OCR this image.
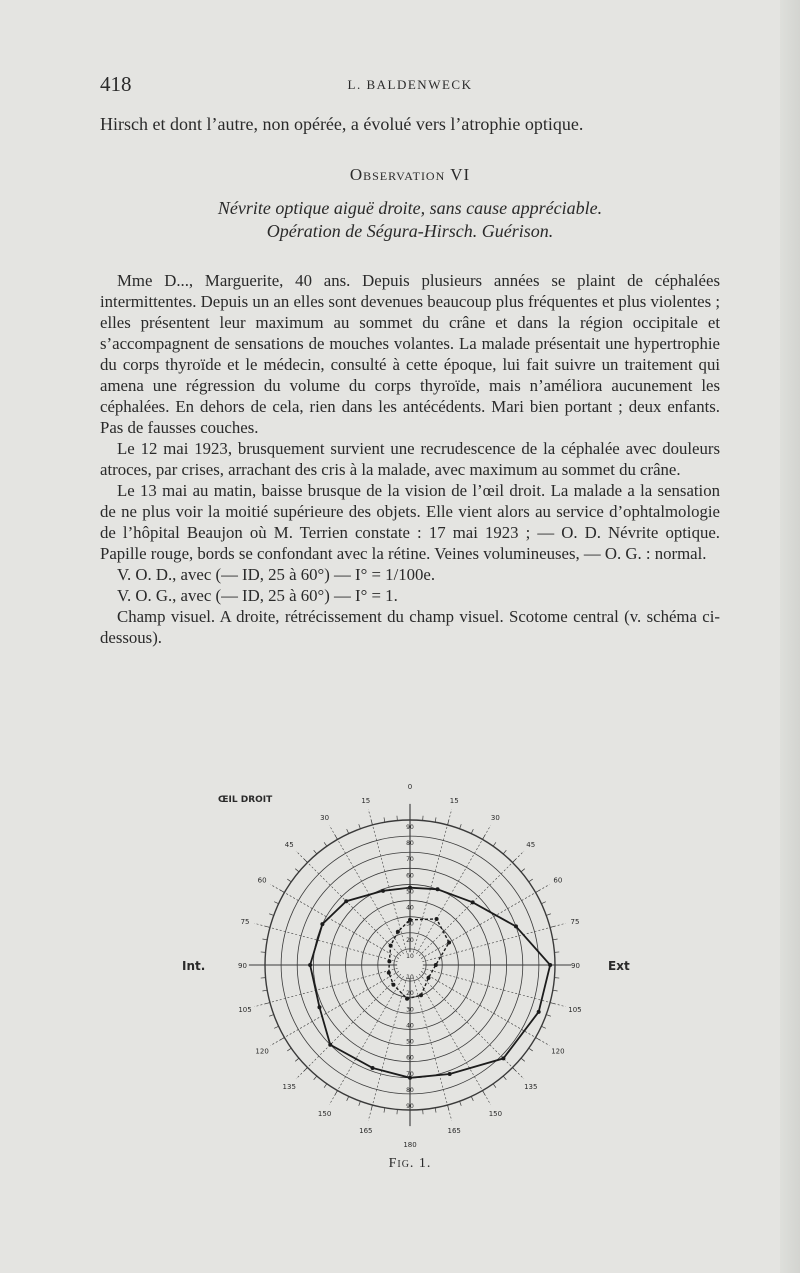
418	L. BALDENWECK

Hirsch et dont l’autre, non opérée, a évolué vers l’atrophie optique.

Observation VI

Névrite optique aiguë droite, sans cause appréciable.

Opération de Ségura-Hirsch. Guérison.

Mme D..., Marguerite, 40 ans. Depuis plusieurs années se plaint de céphalées intermittentes. Depuis un an elles sont devenues beaucoup plus fréquentes et plus violentes ; elles présentent leur maximum au sommet du crâne et dans la région occipitale et s’accompagnent de sensations de mouches volantes. La malade présentait une hypertrophie du corps thyroïde et le médecin, consulté à cette époque, lui fait suivre un traitement qui amena une régression du volume du corps thyroïde, mais n’améliora aucunement les céphalées. En dehors de cela, rien dans les antécédents. Mari bien portant ; deux enfants. Pas de fausses couches.

Le 12 mai 1923, brusquement survient une recrudescence de la céphalée avec douleurs atroces, par crises, arrachant des cris à la malade, avec maximum au sommet du crâne.

Le 13 mai au matin, baisse brusque de la vision de l’œil droit. La malade a la sensation de ne plus voir la moitié supérieure des objets. Elle vient alors au service d’ophtalmologie de l’hôpital Beaujon où M. Terrien constate : 17 mai 1923 ; — O. D. Névrite optique. Papille rouge, bords se confondant avec la rétine. Veines volumineuses, — O. G. : normal.

V. O. D., avec (— ID, 25 à 60°) — I° = 1/100e.

V. O. G., avec (— ID, 25 à 60°) — I° = 1.

Champ visuel. A droite, rétrécissement du champ visuel. Scotome central (v. schéma ci-dessous).

0
15
30
45
60
75
105
120
135
150
165
180
165
150
135
120
105
75
60
45
30
15
90	90
90
80
70
60
50
40
30
20
10
10
20
30
40
50
60
70
80
90
ŒIL DROIT
Int.	Ext
Fig. 1.
